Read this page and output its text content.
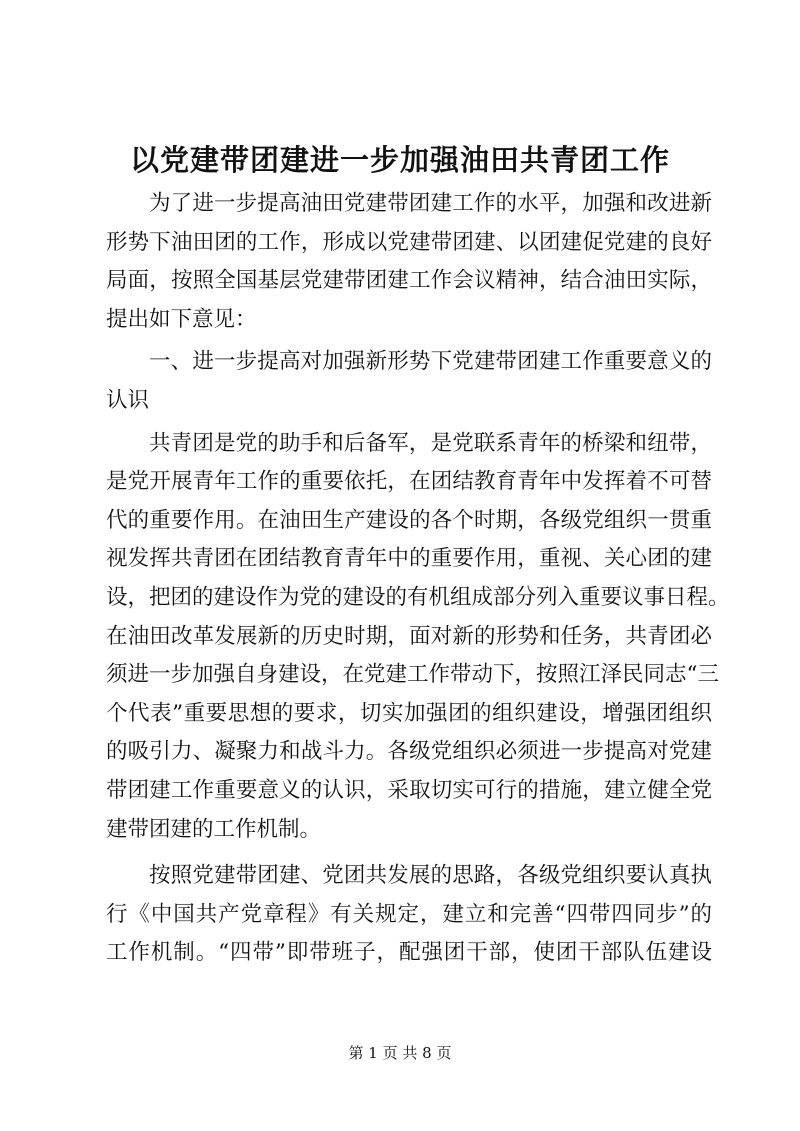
以党建带团建进一步加强油田共青团工作
为了进一步提高油田党建带团建工作的水平，加强和改进新
形势下油田团的工作，形成以党建带团建、以团建促党建的良好
局面，按照全国基层党建带团建工作会议精神，结合油田实际，
提出如下意见：
一、进一步提高对加强新形势下党建带团建工作重要意义的
认识
共青团是党的助手和后备军，是党联系青年的桥梁和纽带，
是党开展青年工作的重要依托，在团结教育青年中发挥着不可替
代的重要作用。在油田生产建设的各个时期，各级党组织一贯重
视发挥共青团在团结教育青年中的重要作用，重视、关心团的建
设，把团的建设作为党的建设的有机组成部分列入重要议事日程。
在油田改革发展新的历史时期，面对新的形势和任务，共青团必
须进一步加强自身建设，在党建工作带动下，按照江泽民同志“三
个代表”重要思想的要求，切实加强团的组织建设，增强团组织
的吸引力、凝聚力和战斗力。各级党组织必须进一步提高对党建
带团建工作重要意义的认识，采取切实可行的措施，建立健全党
建带团建的工作机制。
按照党建带团建、党团共发展的思路，各级党组织要认真执
行《中国共产党章程》有关规定，建立和完善“四带四同步”的
工作机制。“四带”即带班子，配强团干部，使团干部队伍建设
第 1 页 共 8 页
